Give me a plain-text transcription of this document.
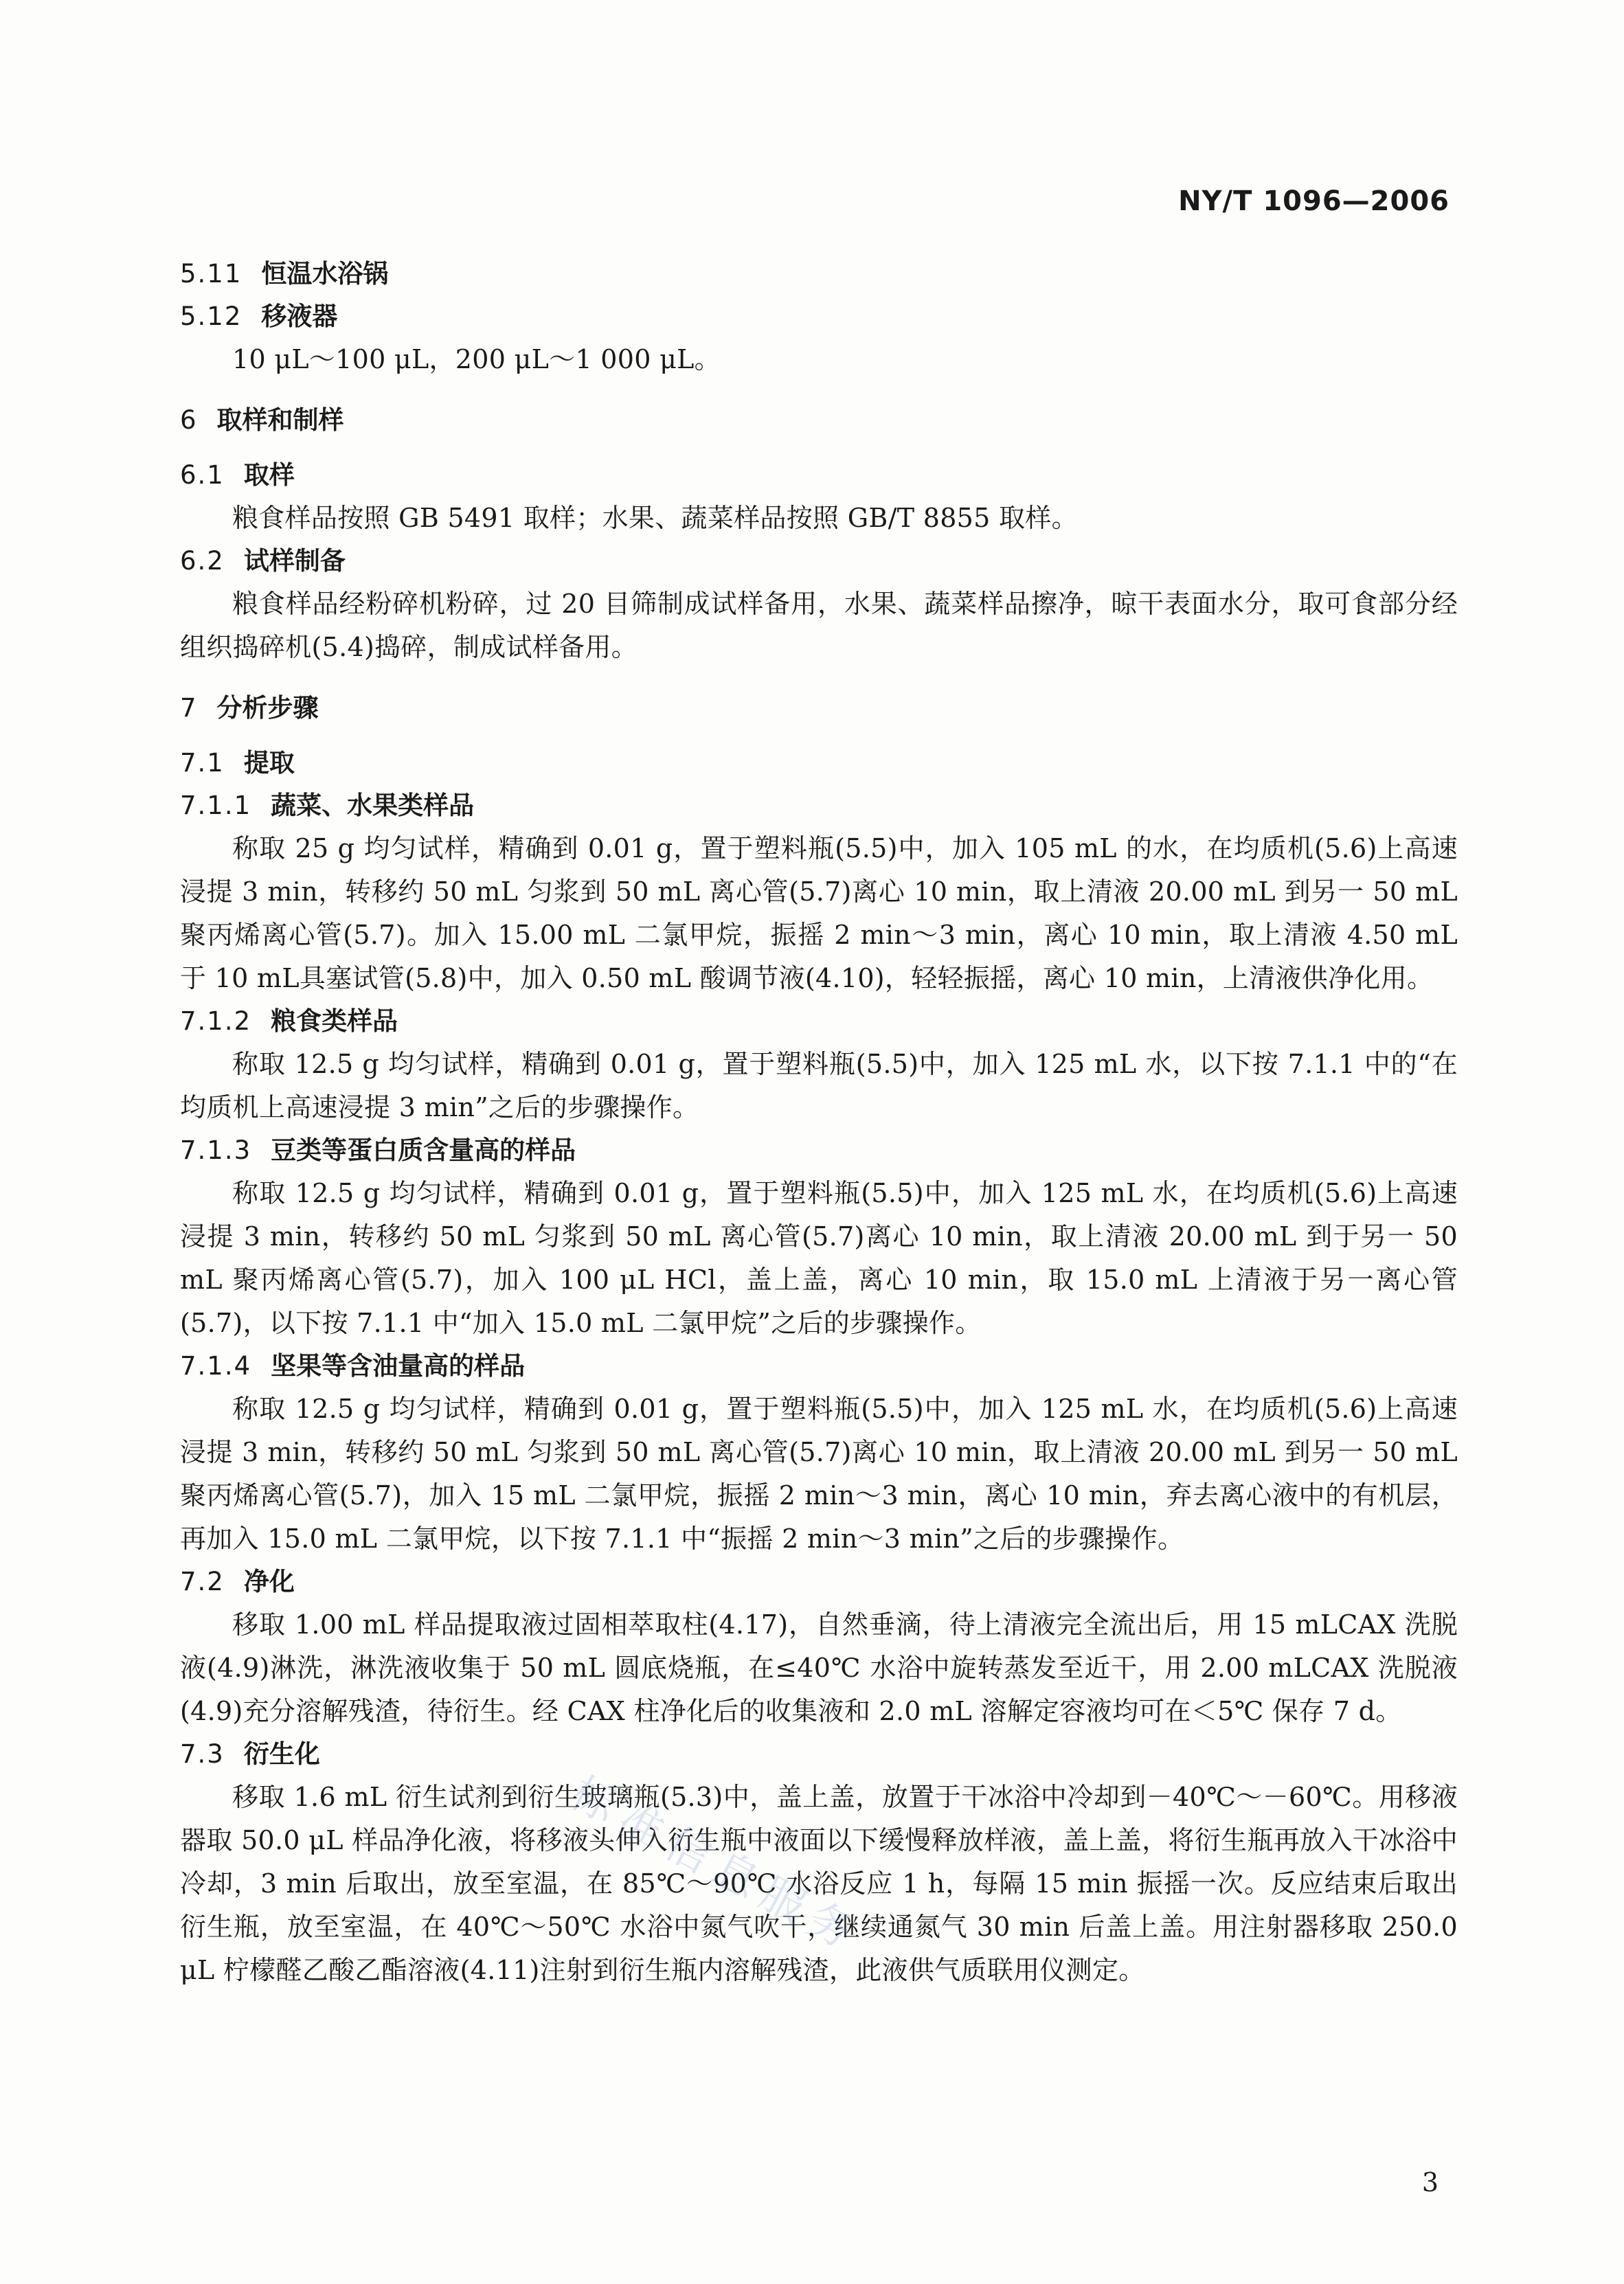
NY/T 1096—2006
5.11 恒温水浴锅
5.12 移液器

10 μL～100 μL，200 μL～1 000 μL。

6 取样和制样
6.1 取样

粮食样品按照 GB 5491 取样；水果、蔬菜样品按照 GB/T 8855 取样。

6.2 试样制备

粮食样品经粉碎机粉碎，过 20 目筛制成试样备用，水果、蔬菜样品擦净，晾干表面水分，取可食部分经组织捣碎机(5.4)捣碎，制成试样备用。

7 分析步骤
7.1 提取
7.1.1 蔬菜、水果类样品

称取 25 g 均匀试样，精确到 0.01 g，置于塑料瓶(5.5)中，加入 105 mL 的水，在均质机(5.6)上高速浸提 3 min，转移约 50 mL 匀浆到 50 mL 离心管(5.7)离心 10 min，取上清液 20.00 mL 到另一 50 mL 聚丙烯离心管(5.7)。加入 15.00 mL 二氯甲烷，振摇 2 min～3 min，离心 10 min，取上清液 4.50 mL 于 10 mL具塞试管(5.8)中，加入 0.50 mL 酸调节液(4.10)，轻轻振摇，离心 10 min，上清液供净化用。

7.1.2 粮食类样品

称取 12.5 g 均匀试样，精确到 0.01 g，置于塑料瓶(5.5)中，加入 125 mL 水，以下按 7.1.1 中的“在均质机上高速浸提 3 min”之后的步骤操作。

7.1.3 豆类等蛋白质含量高的样品

称取 12.5 g 均匀试样，精确到 0.01 g，置于塑料瓶(5.5)中，加入 125 mL 水，在均质机(5.6)上高速浸提 3 min，转移约 50 mL 匀浆到 50 mL 离心管(5.7)离心 10 min，取上清液 20.00 mL 到于另一 50 mL 聚丙烯离心管(5.7)，加入 100 μL HCl，盖上盖，离心 10 min，取 15.0 mL 上清液于另一离心管(5.7)，以下按 7.1.1 中“加入 15.0 mL 二氯甲烷”之后的步骤操作。

7.1.4 坚果等含油量高的样品

称取 12.5 g 均匀试样，精确到 0.01 g，置于塑料瓶(5.5)中，加入 125 mL 水，在均质机(5.6)上高速浸提 3 min，转移约 50 mL 匀浆到 50 mL 离心管(5.7)离心 10 min，取上清液 20.00 mL 到另一 50 mL 聚丙烯离心管(5.7)，加入 15 mL 二氯甲烷，振摇 2 min～3 min，离心 10 min，弃去离心液中的有机层，再加入 15.0 mL 二氯甲烷，以下按 7.1.1 中“振摇 2 min～3 min”之后的步骤操作。

7.2 净化

移取 1.00 mL 样品提取液过固相萃取柱(4.17)，自然垂滴，待上清液完全流出后，用 15 mLCAX 洗脱液(4.9)淋洗，淋洗液收集于 50 mL 圆底烧瓶，在≤40℃ 水浴中旋转蒸发至近干，用 2.00 mLCAX 洗脱液(4.9)充分溶解残渣，待衍生。经 CAX 柱净化后的收集液和 2.0 mL 溶解定容液均可在＜5℃ 保存 7 d。

7.3 衍生化

移取 1.6 mL 衍生试剂到衍生玻璃瓶(5.3)中，盖上盖，放置于干冰浴中冷却到－40℃～－60℃。用移液器取 50.0 μL 样品净化液，将移液头伸入衍生瓶中液面以下缓慢释放样液，盖上盖，将衍生瓶再放入干冰浴中冷却，3 min 后取出，放至室温，在 85℃～90℃ 水浴反应 1 h，每隔 15 min 振摇一次。反应结束后取出衍生瓶，放至室温，在 40℃～50℃ 水浴中氮气吹干，继续通氮气 30 min 后盖上盖。用注射器移取 250.0 μL 柠檬醛乙酸乙酯溶液(4.11)注射到衍生瓶内溶解残渣，此液供气质联用仪测定。

标准信息服务
3
